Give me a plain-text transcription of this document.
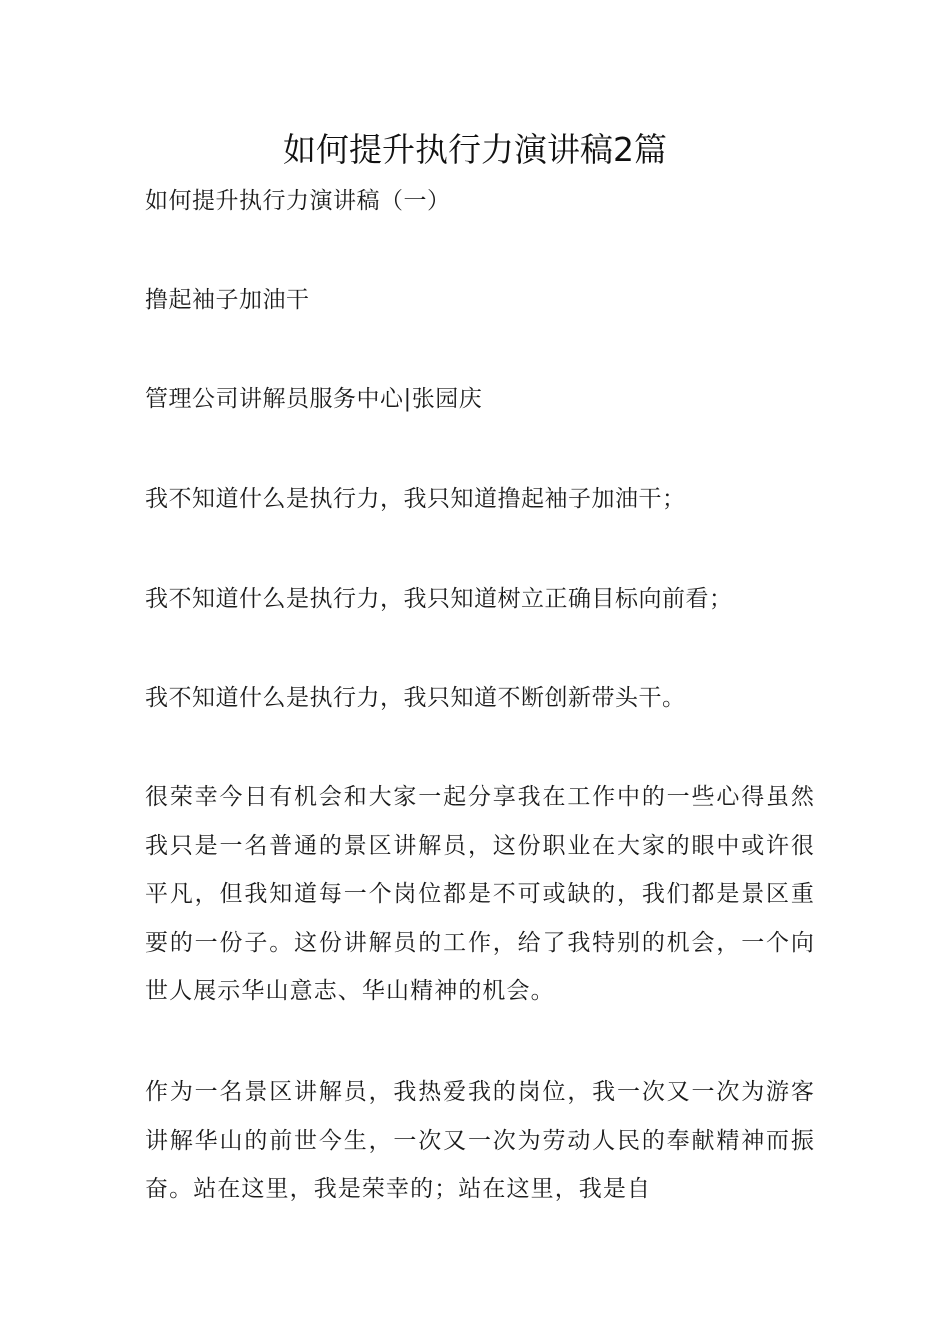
如何提升执行力演讲稿2篇

如何提升执行力演讲稿（一）

撸起袖子加油干

管理公司讲解员服务中心|张园庆

我不知道什么是执行力，我只知道撸起袖子加油干；

我不知道什么是执行力，我只知道树立正确目标向前看；

我不知道什么是执行力，我只知道不断创新带头干。

很荣幸今日有机会和大家一起分享我在工作中的一些心得虽然我只是一名普通的景区讲解员，这份职业在大家的眼中或许很平凡，但我知道每一个岗位都是不可或缺的，我们都是景区重要的一份子。这份讲解员的工作，给了我特别的机会，一个向世人展示华山意志、华山精神的机会。

作为一名景区讲解员，我热爱我的岗位，我一次又一次为游客讲解华山的前世今生，一次又一次为劳动人民的奉献精神而振奋。站在这里，我是荣幸的；站在这里，我是自
